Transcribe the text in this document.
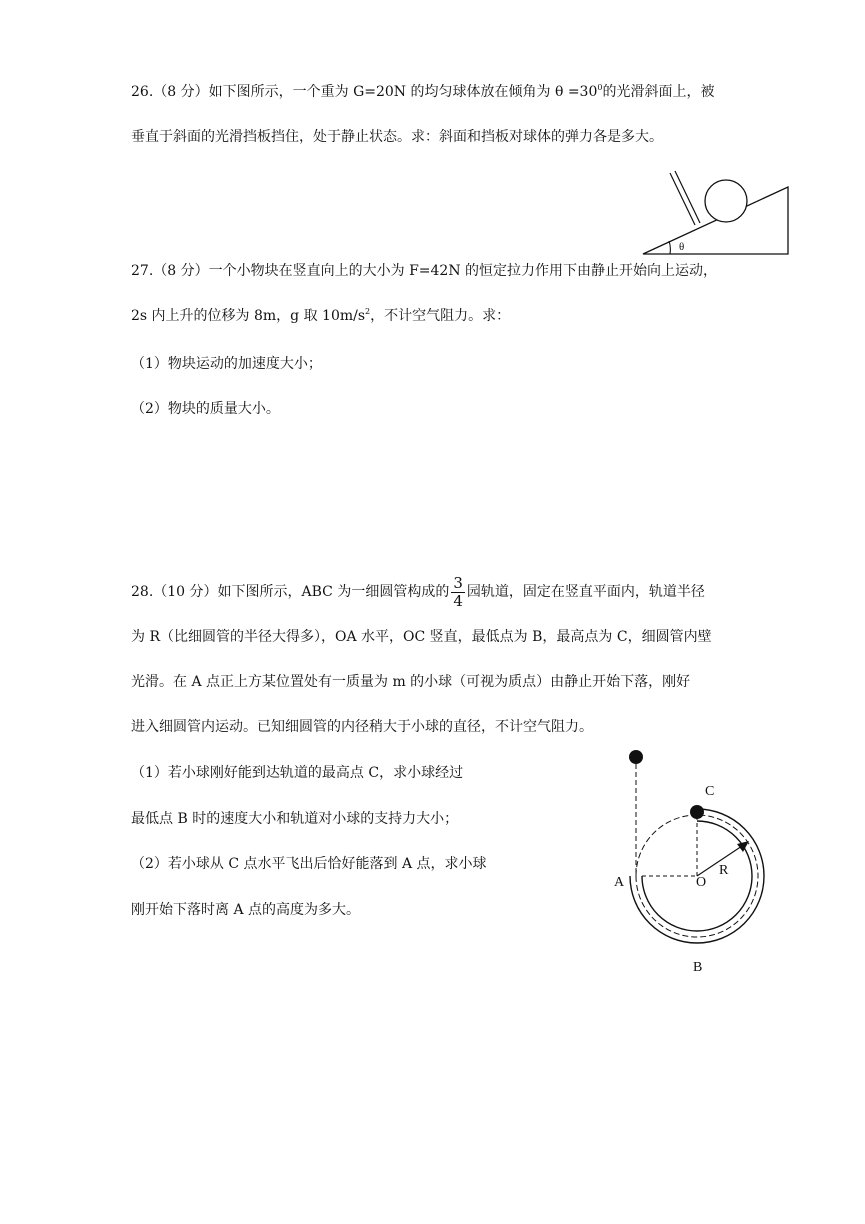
26.（8 分）如下图所示，一个重为 G=20N 的均匀球体放在倾角为 $\theta =30^0$的光滑斜面上，被
垂直于斜面的光滑挡板挡住，处于静止状态。求：斜面和挡板对球体的弹力各是多大。
θ
27.（8 分）一个小物块在竖直向上的大小为 F=42N 的恒定拉力作用下由静止开始向上运动，
2s 内上升的位移为 8m，g 取 $10m/s^2$，不计空气阻力。求：
（1）物块运动的加速度大小；
（2）物块的质量大小。
28.（10 分）如下图所示，ABC 为一细圆管构成的 $\frac{3}{4}$ 园轨道，固定在竖直平面内，轨道半径
为 R（比细圆管的半径大得多），OA 水平，OC 竖直，最低点为 B，最高点为 C，细圆管内壁
光滑。在 A 点正上方某位置处有一质量为 m 的小球（可视为质点）由静止开始下落，刚好
进入细圆管内运动。已知细圆管的内径稍大于小球的直径，不计空气阻力。
（1）若小球刚好能到达轨道的最高点 C，求小球经过
最低点 B 时的速度大小和轨道对小球的支持力大小；
（2）若小球从 C 点水平飞出后恰好能落到 A 点，求小球
刚开始下落时离 A 点的高度为多大。
C
A	O
R
B
